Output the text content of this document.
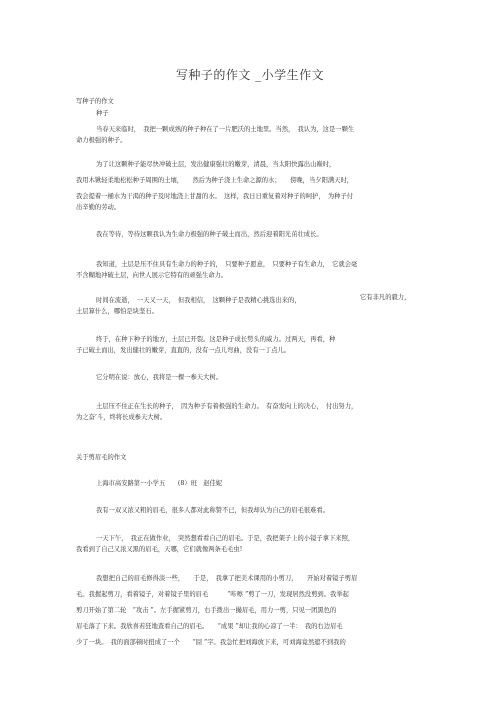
写种子的作文 _小学生作文
写种子的作文
种子
当春天来临时，　我把一颗成熟的种子种在了一片肥沃的土地里。当然，　我认为，这是一颗生
命力极强的种子。
为了让这颗种子能尽快冲破土层，发出健康强壮的嫩芽，清晨，当太阳快露出山巅时，
我用木锹轻柔地松松种子周围的土壤，　　然后为种子浇上生命之源的水；　　傍晚，当夕阳满天时，
我会提着一桶水为干渴的种子及时地浇上甘甜的水。　这样，我日日重复着对种子的呵护，　为种子付
出辛勤的劳动。
我在等待，等待这颗我认为生命力极强的种子破土而出，然后迎着阳光茁壮成长。
我知道，土层是压不住具有生命力的种子的，　只要种子愿意，　只要种子有生命力，　它就会毫
不含糊地冲破土层，向世人展示它特有的顽强生命力。
时间在流逝，　一天又一天，　但我相信，　这颗种子是我精心挑选出来的，	它有非凡的毅力，
土层算什么，哪怕是块坚石。
终于，在种下种子的地方，土层已开裂。这是种子成长势头的威力。过两天，再看，种
子已破土而出，发出健壮的嫩芽，直直的，没有一点儿弯曲，没有一丁点儿。
它分明在说：放心，我将是一棵一参天大树。
土层压不住正在生长的种子，　因为种子有着极强的生命力。　有奋发向上的决心，　付出努力，
为之奋’斗，终将长成参天大树。
关于剪眉毛的作文
上海市高安路第一小学五　　(8）班　赵佳妮
我有一双又浓又粗的眉毛，很多人都对此称赞不已，但我却认为自己的眉毛很难看。
一天下午，　我正在做作业，　突然想看看自己的眉毛。于是，我把架子上的小镜子拿下来照，
我看到了自己又浓又黑的眉毛，天哪，它们就像两条毛毛虫!
我想把自己的眉毛修得淡一些，　　于是，　我拿了把美术课用的小剪刀，　　开始对着镜子剪眉
毛。我握起剪刀，看着镜子，对着镜子里的眉毛　　　“咔嚓 ”剪了一刀，发现居然没剪到。我举起
剪刀开始了第二轮　“攻击 ”。左手握紧剪刀，右手拨出一撮眉毛，用力一剪，只见一团黑色的
眉毛落了下来。我欣喜若狂地查看自己的眉毛。　　“成果 ”却让我的心凉了一半：　我的右边眉毛
少了一块。　我的面部顿时扭成了一个　　“囧 ”字。我急忙把刘海放下来，可刘海竟然遮不到我的
